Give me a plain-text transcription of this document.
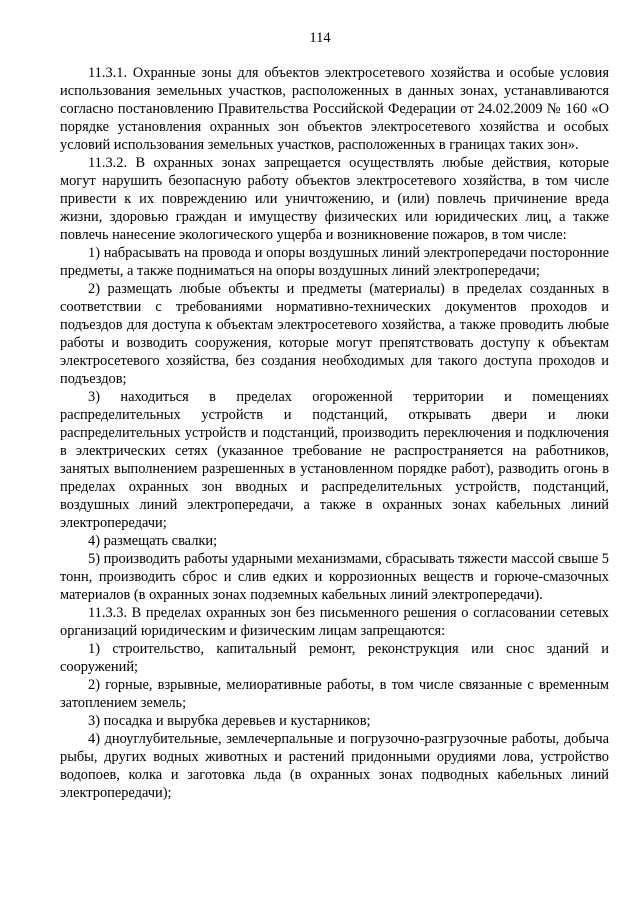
114

11.3.1. Охранные зоны для объектов электросетевого хозяйства и особые условия использования земельных участков, расположенных в данных зонах, устанавливаются согласно постановлению Правительства Российской Федерации от 24.02.2009 № 160 «О порядке установления охранных зон объектов электросетевого хозяйства и особых условий использования земельных участков, расположенных в границах таких зон».

11.3.2. В охранных зонах запрещается осуществлять любые действия, которые могут нарушить безопасную работу объектов электросетевого хозяйства, в том числе привести к их повреждению или уничтожению, и (или) повлечь причинение вреда жизни, здоровью граждан и имуществу физических или юридических лиц, а также повлечь нанесение экологического ущерба и возникновение пожаров, в том числе:

1) набрасывать на провода и опоры воздушных линий электропередачи посторонние предметы, а также подниматься на опоры воздушных линий электропередачи;

2) размещать любые объекты и предметы (материалы) в пределах созданных в соответствии с требованиями нормативно-технических документов проходов и подъездов для доступа к объектам электросетевого хозяйства, а также проводить любые работы и возводить сооружения, которые могут препятствовать доступу к объектам электросетевого хозяйства, без создания необходимых для такого доступа проходов и подъездов;

3) находиться в пределах огороженной территории и помещениях распределительных устройств и подстанций, открывать двери и люки распределительных устройств и подстанций, производить переключения и подключения в электрических сетях (указанное требование не распространяется на работников, занятых выполнением разрешенных в установленном порядке работ), разводить огонь в пределах охранных зон вводных и распределительных устройств, подстанций, воздушных линий электропередачи, а также в охранных зонах кабельных линий электропередачи;

4) размещать свалки;

5) производить работы ударными механизмами, сбрасывать тяжести массой свыше 5 тонн, производить сброс и слив едких и коррозионных веществ и горюче-смазочных материалов (в охранных зонах подземных кабельных линий электропередачи).

11.3.3. В пределах охранных зон без письменного решения о согласовании сетевых организаций юридическим и физическим лицам запрещаются:

1) строительство, капитальный ремонт, реконструкция или снос зданий и сооружений;

2) горные, взрывные, мелиоративные работы, в том числе связанные с временным затоплением земель;

3) посадка и вырубка деревьев и кустарников;

4) дноуглубительные, землечерпальные и погрузочно-разгрузочные работы, добыча рыбы, других водных животных и растений придонными орудиями лова, устройство водопоев, колка и заготовка льда (в охранных зонах подводных кабельных линий электропередачи);
